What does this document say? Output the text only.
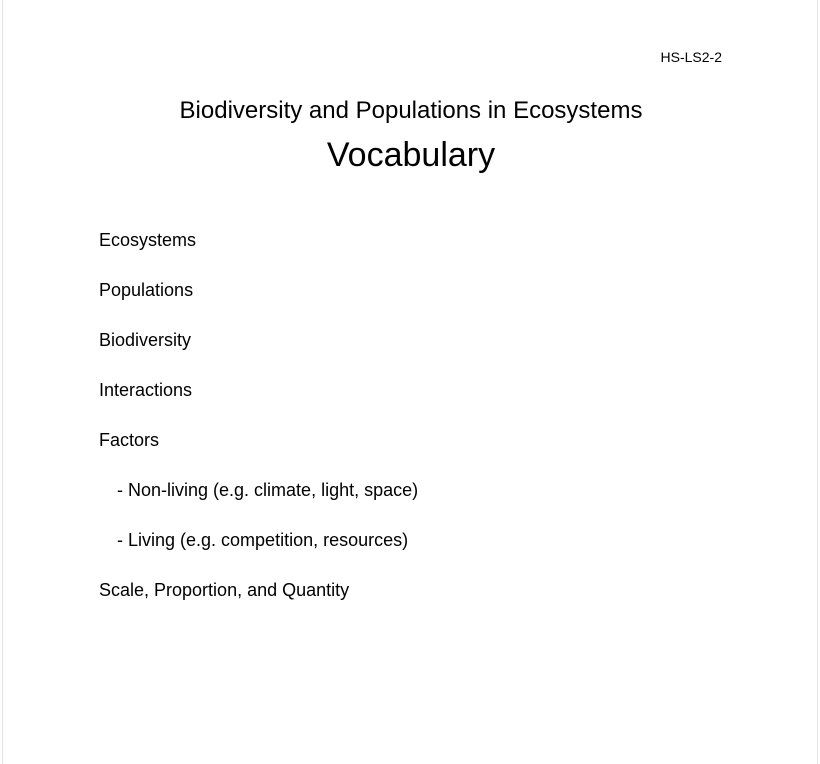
HS-LS2-2
Biodiversity and Populations in Ecosystems
Vocabulary
Ecosystems
Populations
Biodiversity
Interactions
Factors
- Non-living (e.g. climate, light, space)
- Living (e.g. competition, resources)
Scale, Proportion, and Quantity
